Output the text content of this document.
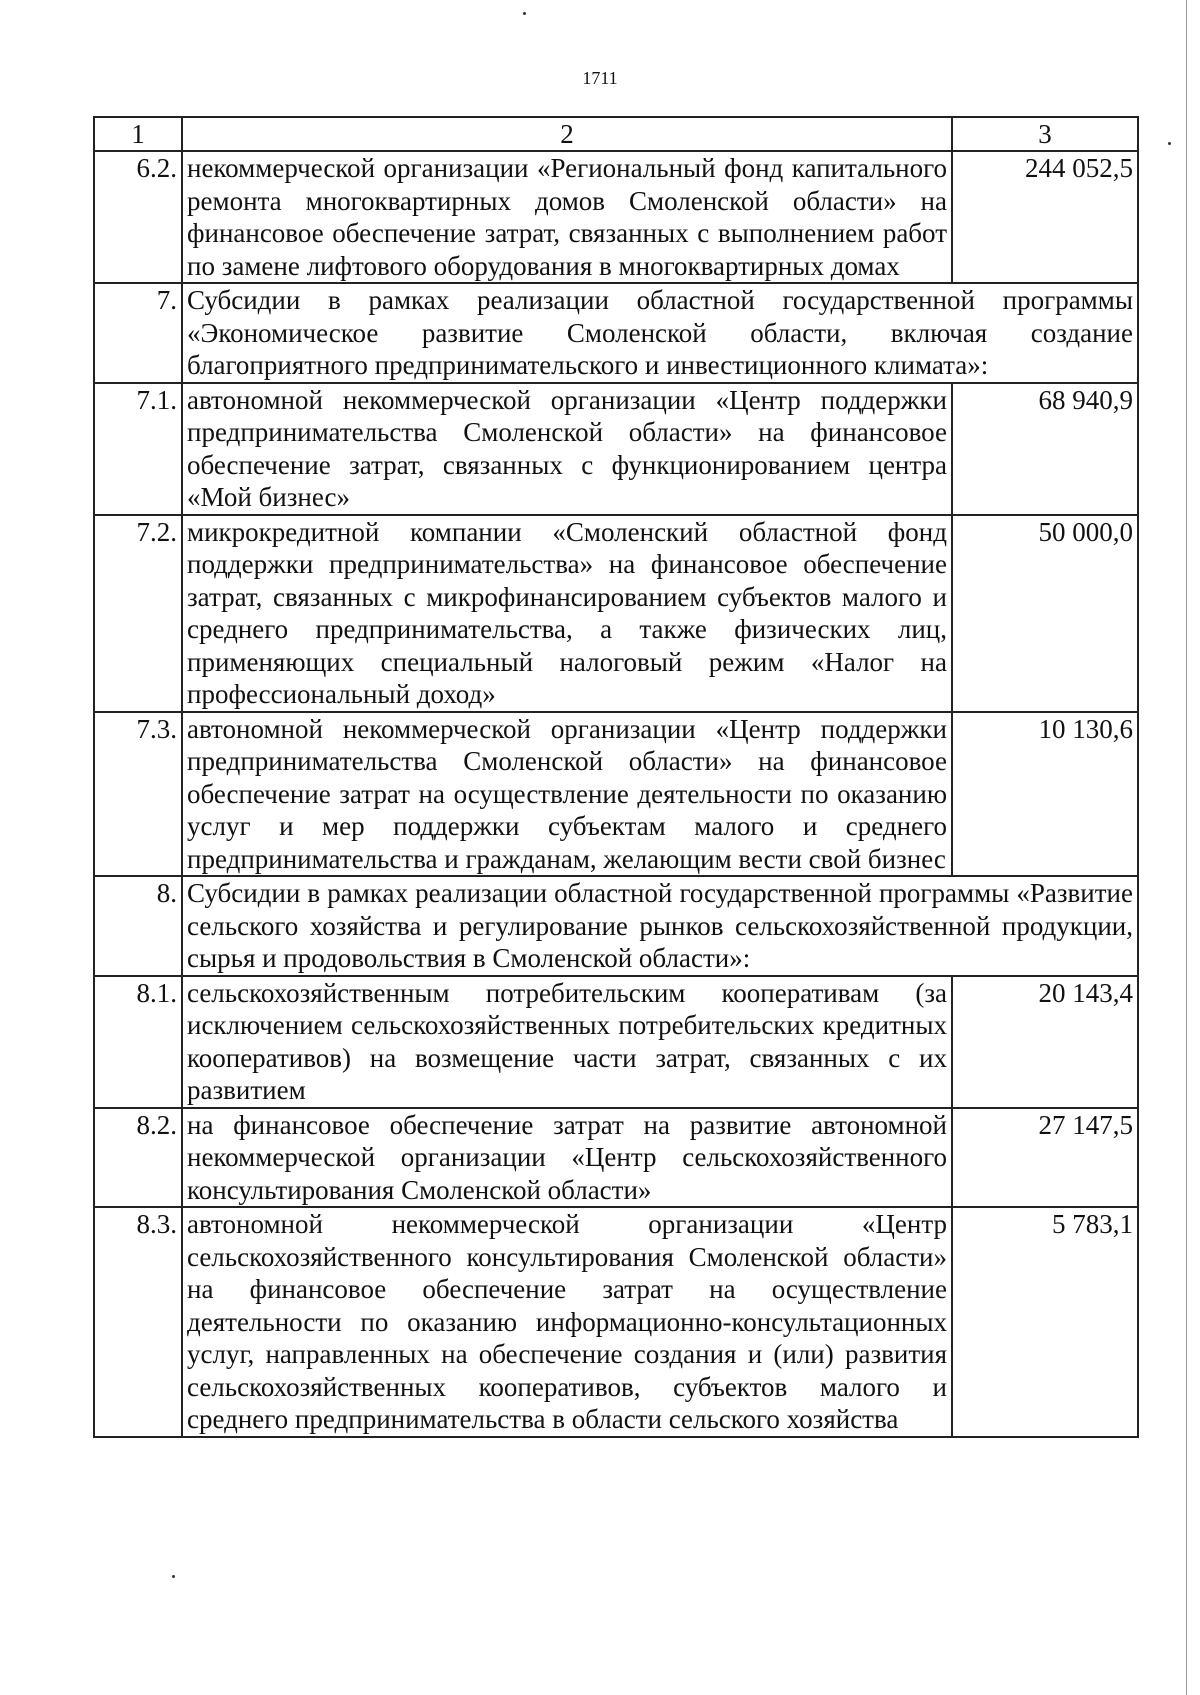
1711
1	2	3
6.2.	некоммерческой организации «Региональный фонд капитального ремонта многоквартирных домов Смоленской области» на финансовое обеспечение затрат, связанных с выполнением работ по замене лифтового оборудования в многоквартирных домах	244 052,5
7.	Субсидии в рамках реализации областной государственной программы «Экономическое развитие Смоленской области, включая создание благоприятного предпринимательского и инвестиционного климата»:	
7.1.	автономной некоммерческой организации «Центр поддержки предпринимательства Смоленской области» на финансовое обеспечение затрат, связанных с функционированием центра «Мой бизнес»	68 940,9
7.2.	микрокредитной компании «Смоленский областной фонд поддержки предпринимательства» на финансовое обеспечение затрат, связанных с микрофинансированием субъектов малого и среднего предпринимательства, а также физических лиц, применяющих специальный налоговый режим «Налог на профессиональный доход»	50 000,0
7.3.	автономной некоммерческой организации «Центр поддержки предпринимательства Смоленской области» на финансовое обеспечение затрат на осуществление деятельности по оказанию услуг и мер поддержки субъектам малого и среднего предпринимательства и гражданам, желающим вести свой бизнес	10 130,6
8.	Субсидии в рамках реализации областной государственной программы «Развитие сельского хозяйства и регулирование рынков сельскохозяйственной продукции, сырья и продовольствия в Смоленской области»:	
8.1.	сельскохозяйственным потребительским кооперативам (за исключением сельскохозяйственных потребительских кредитных кооперативов) на возмещение части затрат, связанных с их развитием	20 143,4
8.2.	на финансовое обеспечение затрат на развитие автономной некоммерческой организации «Центр сельскохозяйственного консультирования Смоленской области»	27 147,5
8.3.	автономной некоммерческой организации «Центр сельскохозяйственного консультирования Смоленской области» на финансовое обеспечение затрат на осуществление деятельности по оказанию информационно-консультационных услуг, направленных на обеспечение создания и (или) развития сельскохозяйственных кооперативов, субъектов малого и среднего предпринимательства в области сельского хозяйства	5 783,1
